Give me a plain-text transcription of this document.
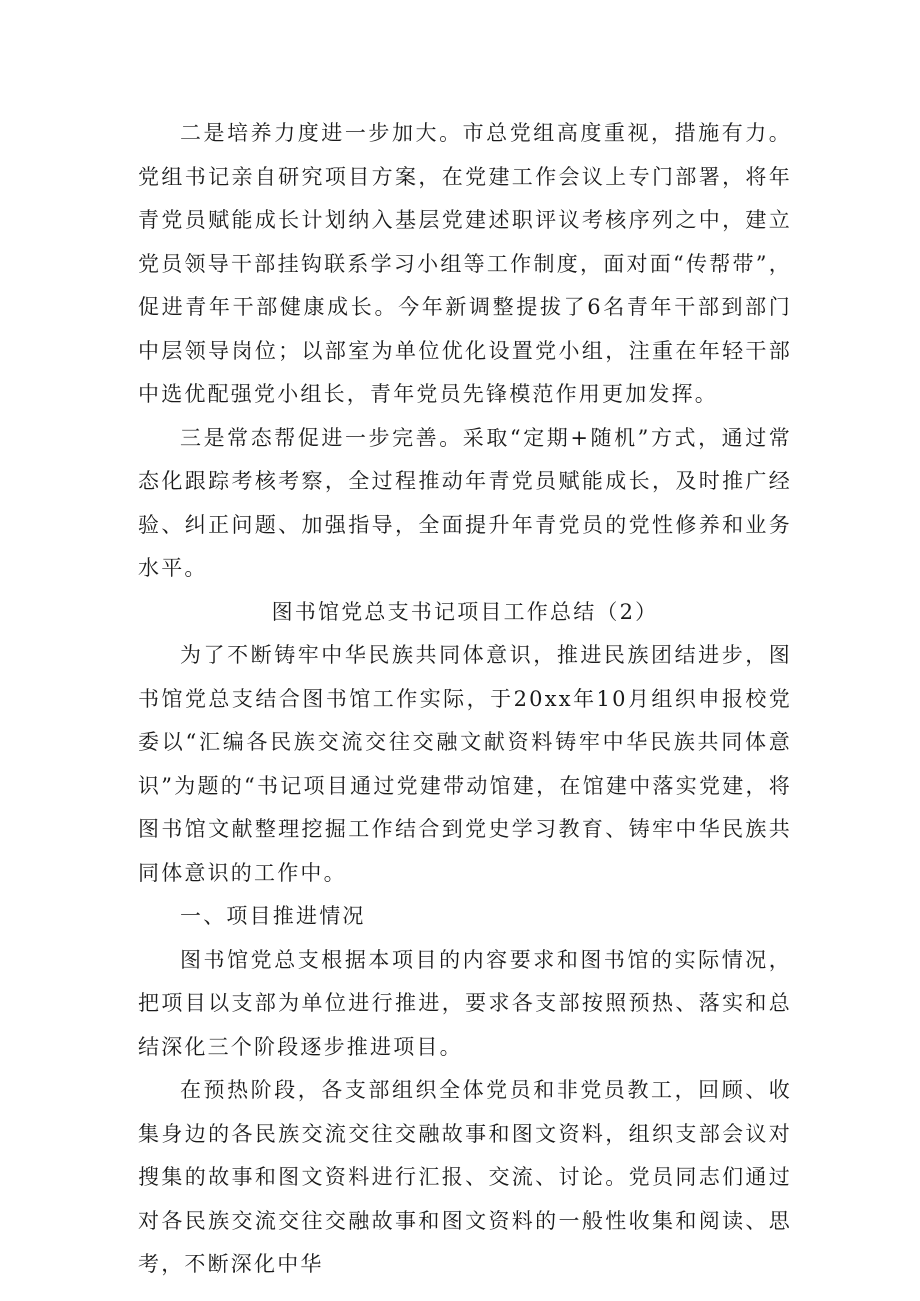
二是培养力度进一步加大。市总党组高度重视，措施有力。党组书记亲自研究项目方案，在党建工作会议上专门部署，将年青党员赋能成长计划纳入基层党建述职评议考核序列之中，建立党员领导干部挂钩联系学习小组等工作制度，面对面“传帮带”，促进青年干部健康成长。今年新调整提拔了6名青年干部到部门中层领导岗位；以部室为单位优化设置党小组，注重在年轻干部中选优配强党小组长，青年党员先锋模范作用更加发挥。

三是常态帮促进一步完善。采取“定期+随机”方式，通过常态化跟踪考核考察，全过程推动年青党员赋能成长，及时推广经验、纠正问题、加强指导，全面提升年青党员的党性修养和业务水平。

图书馆党总支书记项目工作总结（2）

为了不断铸牢中华民族共同体意识，推进民族团结进步，图书馆党总支结合图书馆工作实际，于20xx年10月组织申报校党委以“汇编各民族交流交往交融文献资料铸牢中华民族共同体意识”为题的“书记项目通过党建带动馆建，在馆建中落实党建，将图书馆文献整理挖掘工作结合到党史学习教育、铸牢中华民族共同体意识的工作中。

一、项目推进情况

图书馆党总支根据本项目的内容要求和图书馆的实际情况，把项目以支部为单位进行推进，要求各支部按照预热、落实和总结深化三个阶段逐步推进项目。

在预热阶段，各支部组织全体党员和非党员教工，回顾、收集身边的各民族交流交往交融故事和图文资料，组织支部会议对搜集的故事和图文资料进行汇报、交流、讨论。党员同志们通过对各民族交流交往交融故事和图文资料的一般性收集和阅读、思考，不断深化中华
